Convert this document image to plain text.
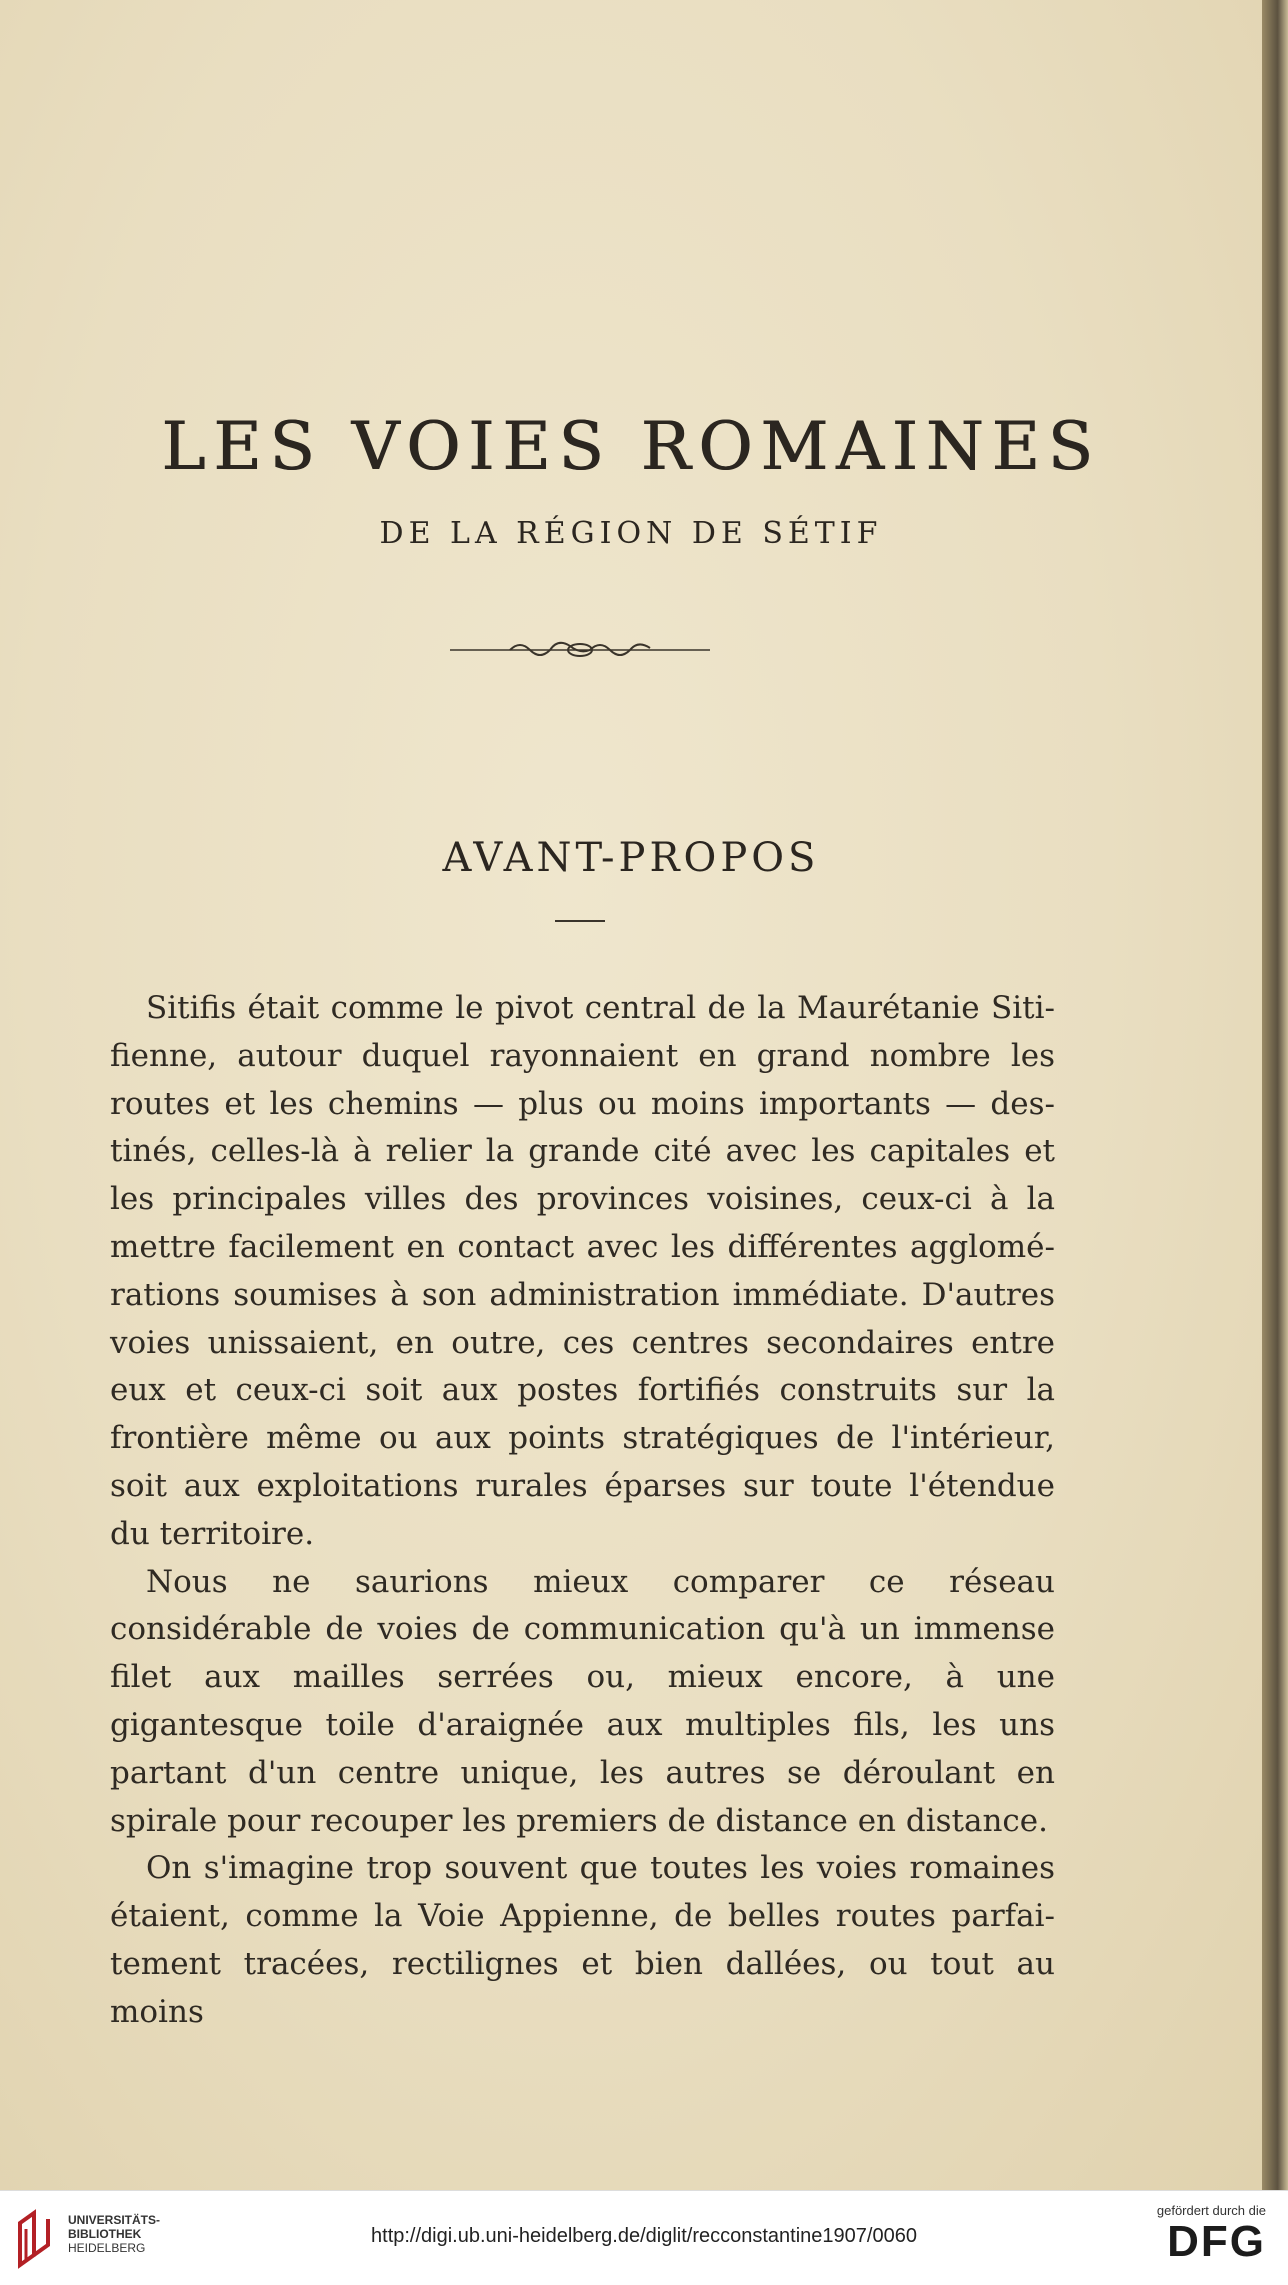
LES VOIES ROMAINES
DE LA RÉGION DE SÉTIF
AVANT-PROPOS

Sitifis était comme le pivot central de la Maurétanie Sitifienne, autour duquel rayonnaient en grand nombre les routes et les chemins — plus ou moins importants — destinés, celles-là à relier la grande cité avec les capitales et les principales villes des provinces voisines, ceux-ci à la mettre facilement en contact avec les différentes agglomérations soumises à son administration immédiate. D'autres voies unissaient, en outre, ces centres secondaires entre eux et ceux-ci soit aux postes fortifiés construits sur la frontière même ou aux points stratégiques de l'intérieur, soit aux exploitations rurales éparses sur toute l'étendue du territoire.

Nous ne saurions mieux comparer ce réseau considérable de voies de communication qu'à un immense filet aux mailles serrées ou, mieux encore, à une gigantesque toile d'araignée aux multiples fils, les uns partant d'un centre unique, les autres se déroulant en spirale pour recouper les premiers de distance en distance.

On s'imagine trop souvent que toutes les voies romaines étaient, comme la Voie Appienne, de belles routes parfaitement tracées, rectilignes et bien dallées, ou tout au moins

UNIVERSITÄTS-
BIBLIOTHEK
HEIDELBERG
http://digi.ub.uni-heidelberg.de/diglit/recconstantine1907/0060
gefördert durch die
DFG
